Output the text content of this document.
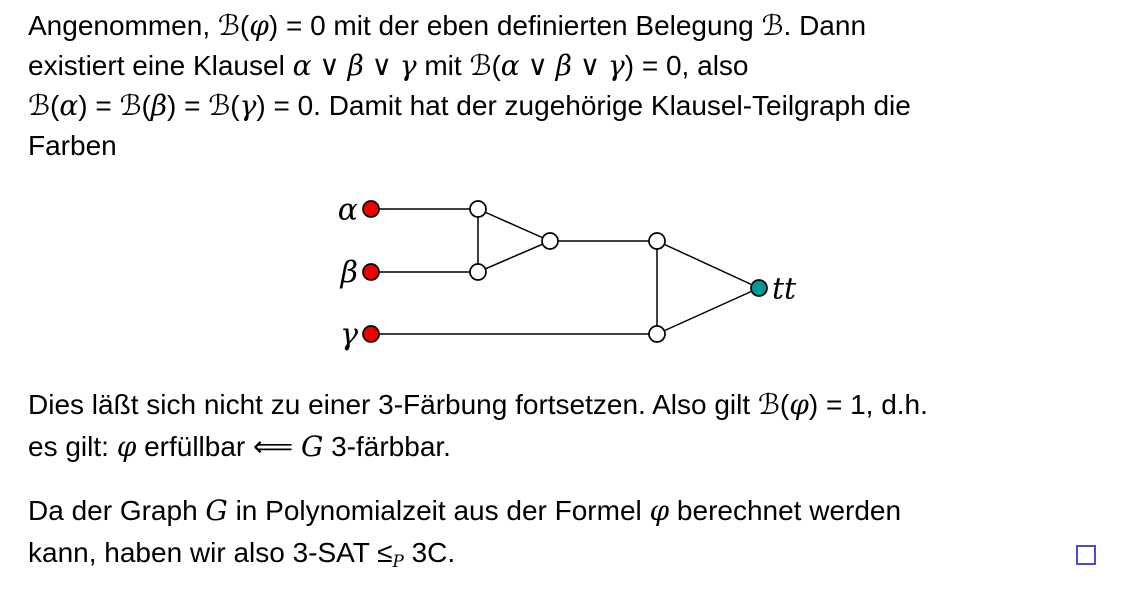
Angenommen, ℬ(φ) = 0 mit der eben definierten Belegung ℬ. Dann
existiert eine Klausel α ∨ β ∨ γ mit ℬ(α ∨ β ∨ γ) = 0, also
ℬ(α) = ℬ(β) = ℬ(γ) = 0. Damit hat der zugehörige Klausel-Teilgraph die
Farben
α
β
γ
tt
Dies läßt sich nicht zu einer 3-Färbung fortsetzen. Also gilt ℬ(φ) = 1, d.h.
es gilt: φ erfüllbar ⟸ G 3-färbbar.
Da der Graph G in Polynomialzeit aus der Formel φ berechnet werden
kann, haben wir also 3-SAT ≤P 3C.
